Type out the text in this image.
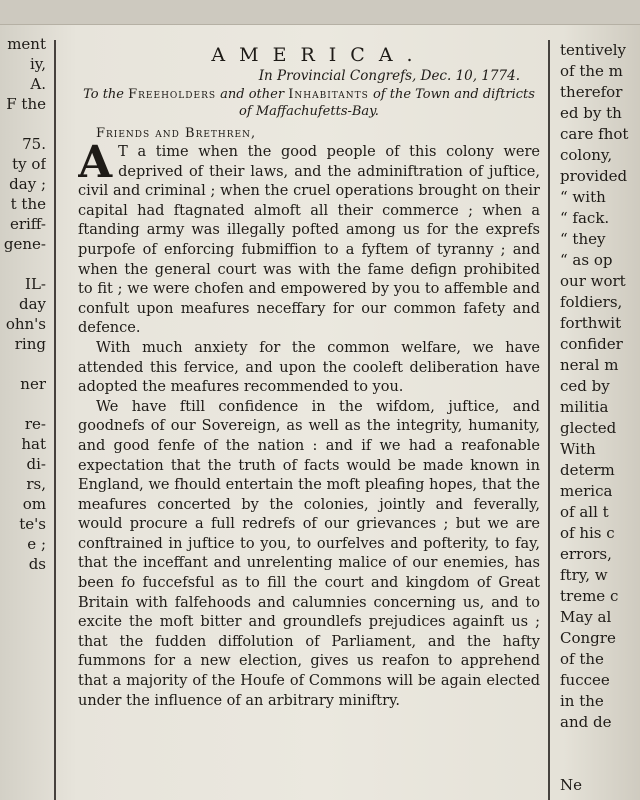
ment
iy,
A.
F the

75.
ty of
day ;
t the
eriff-
gene-

IL-
day
ohn's
ring

ner

re-
hat
di-
rs,
om
te's
e ;
ds
AMERICA.
In Provincial Congrefs, Dec. 10, 1774.
To the Freeholders and other Inhabitants of the Town and diftricts of Maffachufetts-Bay.
Friends and Brethren,

A T a time when the good people of this colony were deprived of their laws, and the adminiftration of juftice, civil and criminal ; when the cruel operations brought on their capital had ftagnated almoft all their commerce ; when a ftanding army was illegally pofted among us for the exprefs purpofe of enforcing fubmiffion to a fyftem of tyranny ; and when the general court was with the fame defign prohibited to fit ; we were chofen and empowered by you to affemble and confult upon meafures neceffary for our common fafety and defence.

With much anxiety for the common welfare, we have attended this fervice, and upon the cooleft deliberation have adopted the meafures recommended to you.

We have ftill confidence in the wifdom, juftice, and goodnefs of our Sovereign, as well as the integrity, humanity, and good fenfe of the nation : and if we had a reafonable expectation that the truth of facts would be made known in England, we fhould entertain the moft pleafing hopes, that the meafures concerted by the colonies, jointly and feverally, would procure a full redrefs of our grievances ; but we are conftrained in juftice to you, to ourfelves and pofterity, to fay, that the inceffant and unrelenting malice of our enemies, has been fo fuccefsful as to fill the court and kingdom of Great Britain with falfehoods and calumnies concerning us, and to excite the moft bitter and groundlefs prejudices againft us ; that the fudden diffolution of Parliament, and the hafty fummons for a new election, gives us reafon to apprehend that a majority of the Houfe of Commons will be again elected under the influence of an arbitrary miniftry.

tentively
of the m
therefor
ed by th
care fhot
colony,
provided
“ with
“ fack.
“ they
“ as op
our wort
foldiers,
forthwit
confider
neral m
ced by
militia
glected
With
determ
merica
of all t
of his c
errors,
ftry, w
treme c
May al
Congre
of the
fuccee
in the
and de

Ne
